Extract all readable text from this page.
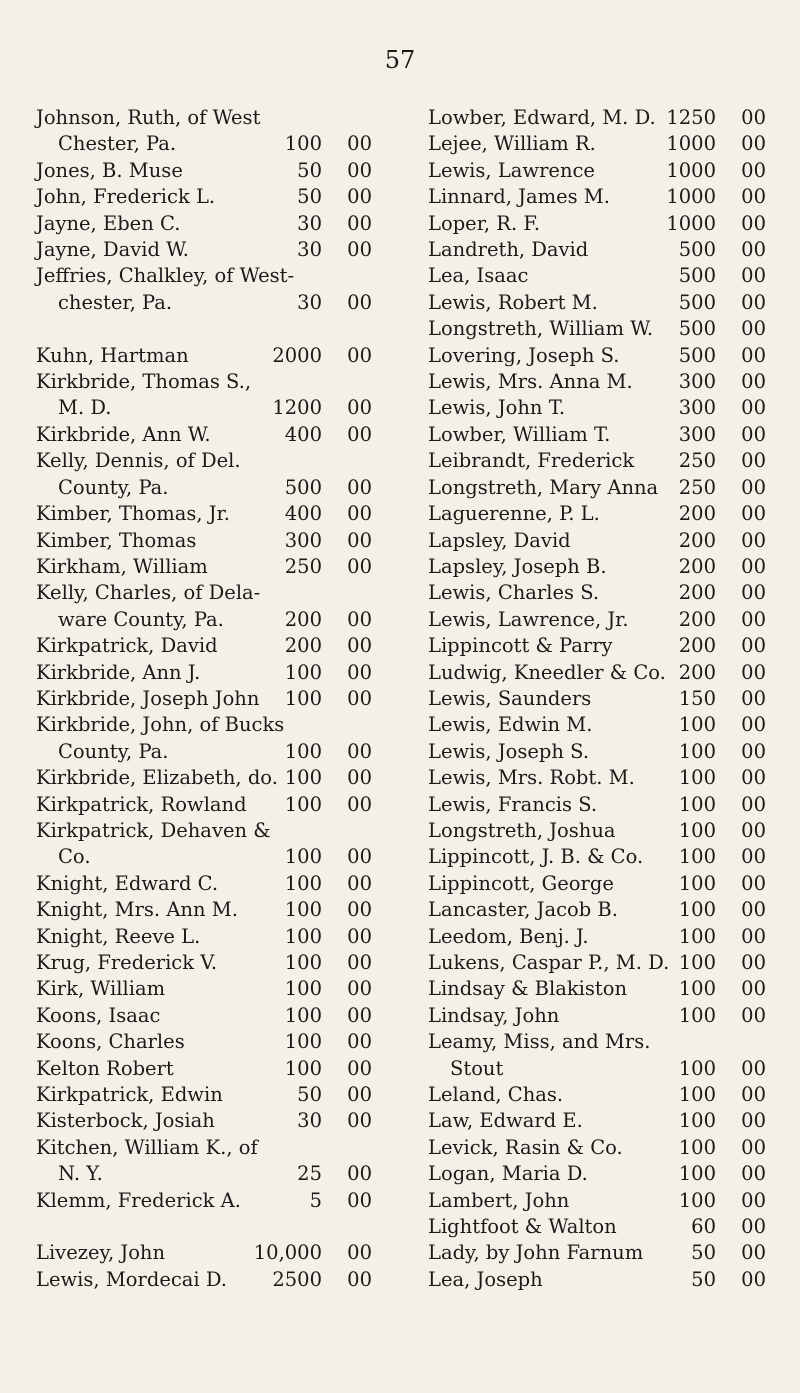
57
Johnson, Ruth, of West
Chester, Pa.	100 00
Jones, B. Muse	50 00
John, Frederick L.	50 00
Jayne, Eben C.	30 00
Jayne, David W.	30 00
Jeffries, Chalkley, of West-
chester, Pa.	30 00
Kuhn, Hartman	2000 00
Kirkbride, Thomas S.,
M. D.	1200 00
Kirkbride, Ann W.	400 00
Kelly, Dennis, of Del.
County, Pa.	500 00
Kimber, Thomas, Jr.	400 00
Kimber, Thomas	300 00
Kirkham, William	250 00
Kelly, Charles, of Dela-
ware County, Pa.	200 00
Kirkpatrick, David	200 00
Kirkbride, Ann J.	100 00
Kirkbride, Joseph John 100 00
Kirkbride, John, of Bucks
County, Pa.	100 00
Kirkbride, Elizabeth, do. 100 00
Kirkpatrick, Rowland 100 00
Kirkpatrick, Dehaven &
Co.	100 00
Knight, Edward C.	100 00
Knight, Mrs. Ann M. 100 00
Knight, Reeve L.	100 00
Krug, Frederick V.	100 00
Kirk, William	100 00
Koons, Isaac	100 00
Koons, Charles	100 00
Kelton Robert	100 00
Kirkpatrick, Edwin	50 00
Kisterbock, Josiah	30 00
Kitchen, William K., of
N. Y.	25 00
Klemm, Frederick A.	5 00
Livezey, John	10,000 00
Lewis, Mordecai D. 2500 00
Lowber, Edward, M. D. 1250 00
Lejee, William R.	1000 00
Lewis, Lawrence	1000 00
Linnard, James M.	1000 00
Loper, R. F.	1000 00
Landreth, David	500 00
Lea, Isaac	500 00
Lewis, Robert M.	500 00
Longstreth, William W. 500 00
Lovering, Joseph S.	500 00
Lewis, Mrs. Anna M. 300 00
Lewis, John T.	300 00
Lowber, William T.	300 00
Leibrandt, Frederick 250 00
Longstreth, Mary Anna 250 00
Laguerenne, P. L.	200 00
Lapsley, David	200 00
Lapsley, Joseph B.	200 00
Lewis, Charles S.	200 00
Lewis, Lawrence, Jr.	200 00
Lippincott & Parry	200 00
Ludwig, Kneedler & Co. 200 00
Lewis, Saunders	150 00
Lewis, Edwin M.	100 00
Lewis, Joseph S.	100 00
Lewis, Mrs. Robt. M. 100 00
Lewis, Francis S.	100 00
Longstreth, Joshua	100 00
Lippincott, J. B. & Co. 100 00
Lippincott, George	100 00
Lancaster, Jacob B.	100 00
Leedom, Benj. J.	100 00
Lukens, Caspar P., M. D. 100 00
Lindsay & Blakiston	100 00
Lindsay, John	100 00
Leamy, Miss, and Mrs.
Stout	100 00
Leland, Chas.	100 00
Law, Edward E.	100 00
Levick, Rasin & Co.	100 00
Logan, Maria D.	100 00
Lambert, John	100 00
Lightfoot & Walton	60 00
Lady, by John Farnum 50 00
Lea, Joseph	50 00
